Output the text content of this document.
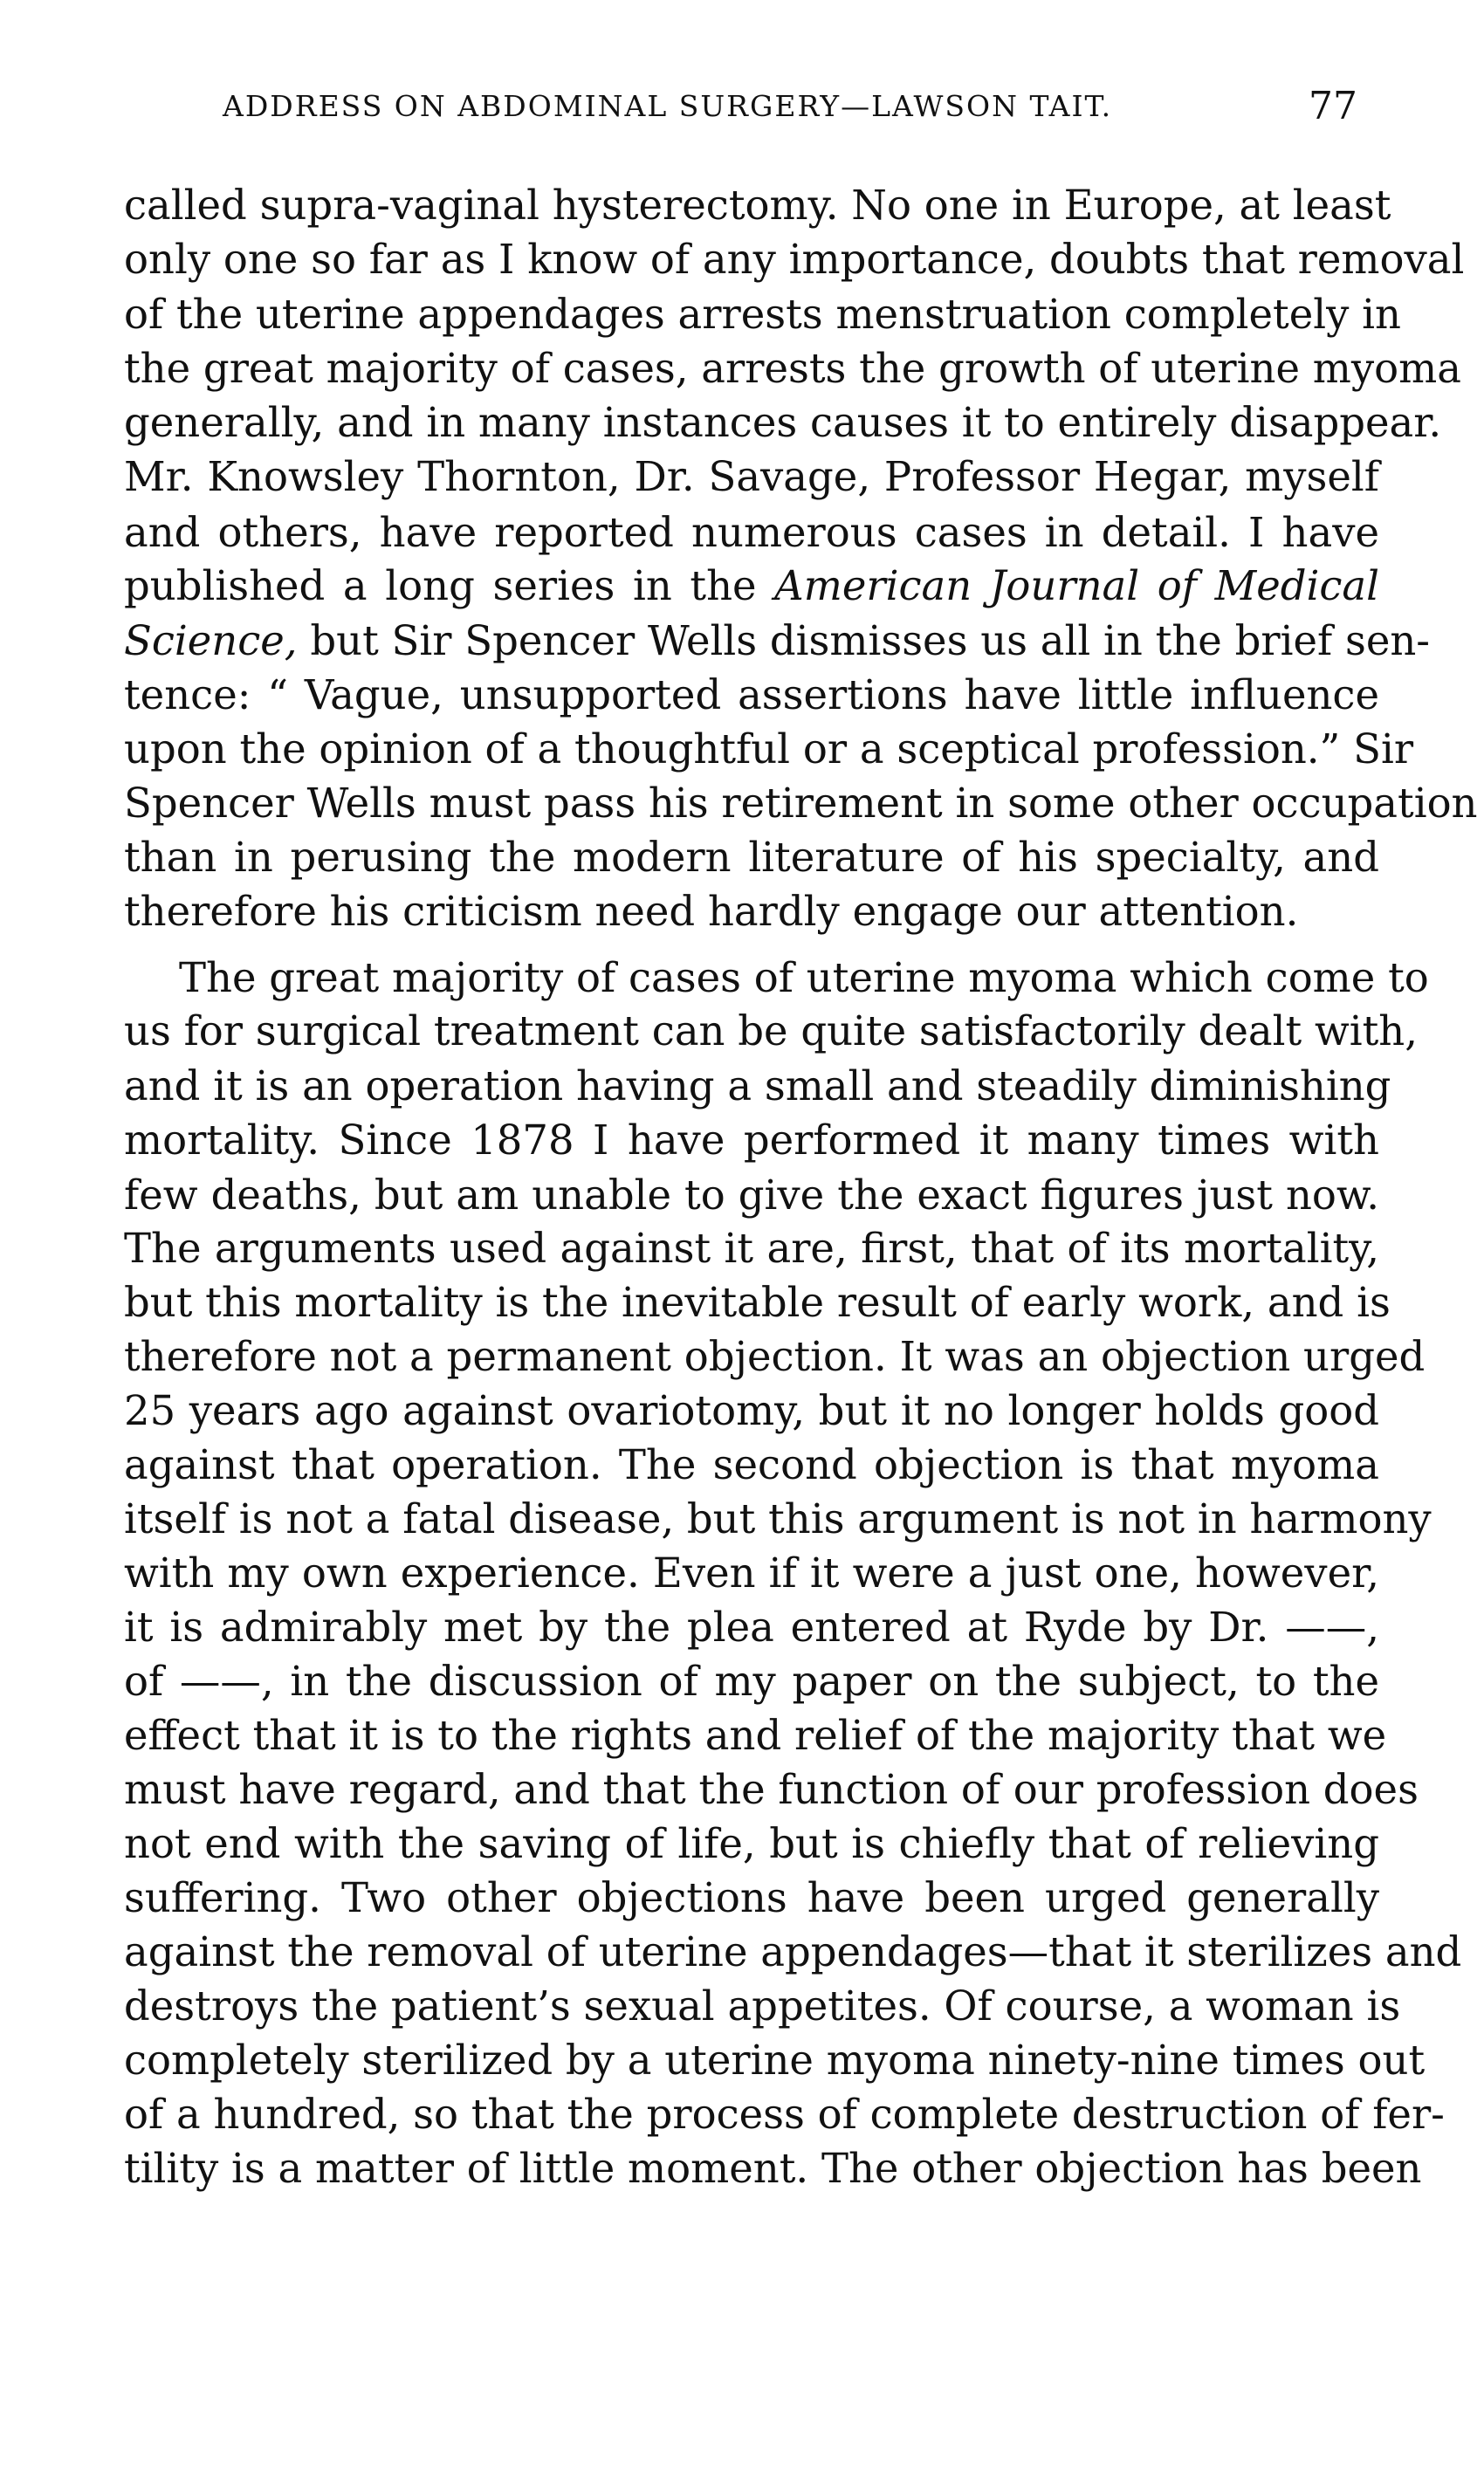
ADDRESS ON ABDOMINAL SURGERY—LAWSON TAIT.	77
called supra-vaginal hysterectomy. No one in Europe, at least
only one so far as I know of any importance, doubts that removal
of the uterine appendages arrests menstruation completely in
the great majority of cases, arrests the growth of uterine myoma
generally, and in many instances causes it to entirely disappear.
Mr. Knowsley Thornton, Dr. Savage, Professor Hegar, myself
and others, have reported numerous cases in detail. I have
published a long series in the American Journal of Medical
Science, but Sir Spencer Wells dismisses us all in the brief sen-
tence: “ Vague, unsupported assertions have little influence
upon the opinion of a thoughtful or a sceptical profession.” Sir
Spencer Wells must pass his retirement in some other occupation
than in perusing the modern literature of his specialty, and
therefore his criticism need hardly engage our attention.
The great majority of cases of uterine myoma which come to
us for surgical treatment can be quite satisfactorily dealt with,
and it is an operation having a small and steadily diminishing
mortality. Since 1878 I have performed it many times with
few deaths, but am unable to give the exact figures just now.
The arguments used against it are, first, that of its mortality,
but this mortality is the inevitable result of early work, and is
therefore not a permanent objection. It was an objection urged
25 years ago against ovariotomy, but it no longer holds good
against that operation. The second objection is that myoma
itself is not a fatal disease, but this argument is not in harmony
with my own experience. Even if it were a just one, however,
it is admirably met by the plea entered at Ryde by Dr. ——,
of ——, in the discussion of my paper on the subject, to the
effect that it is to the rights and relief of the majority that we
must have regard, and that the function of our profession does
not end with the saving of life, but is chiefly that of relieving
suffering. Two other objections have been urged generally
against the removal of uterine appendages—that it sterilizes and
destroys the patient’s sexual appetites. Of course, a woman is
completely sterilized by a uterine myoma ninety-nine times out
of a hundred, so that the process of complete destruction of fer-
tility is a matter of little moment. The other objection has been
